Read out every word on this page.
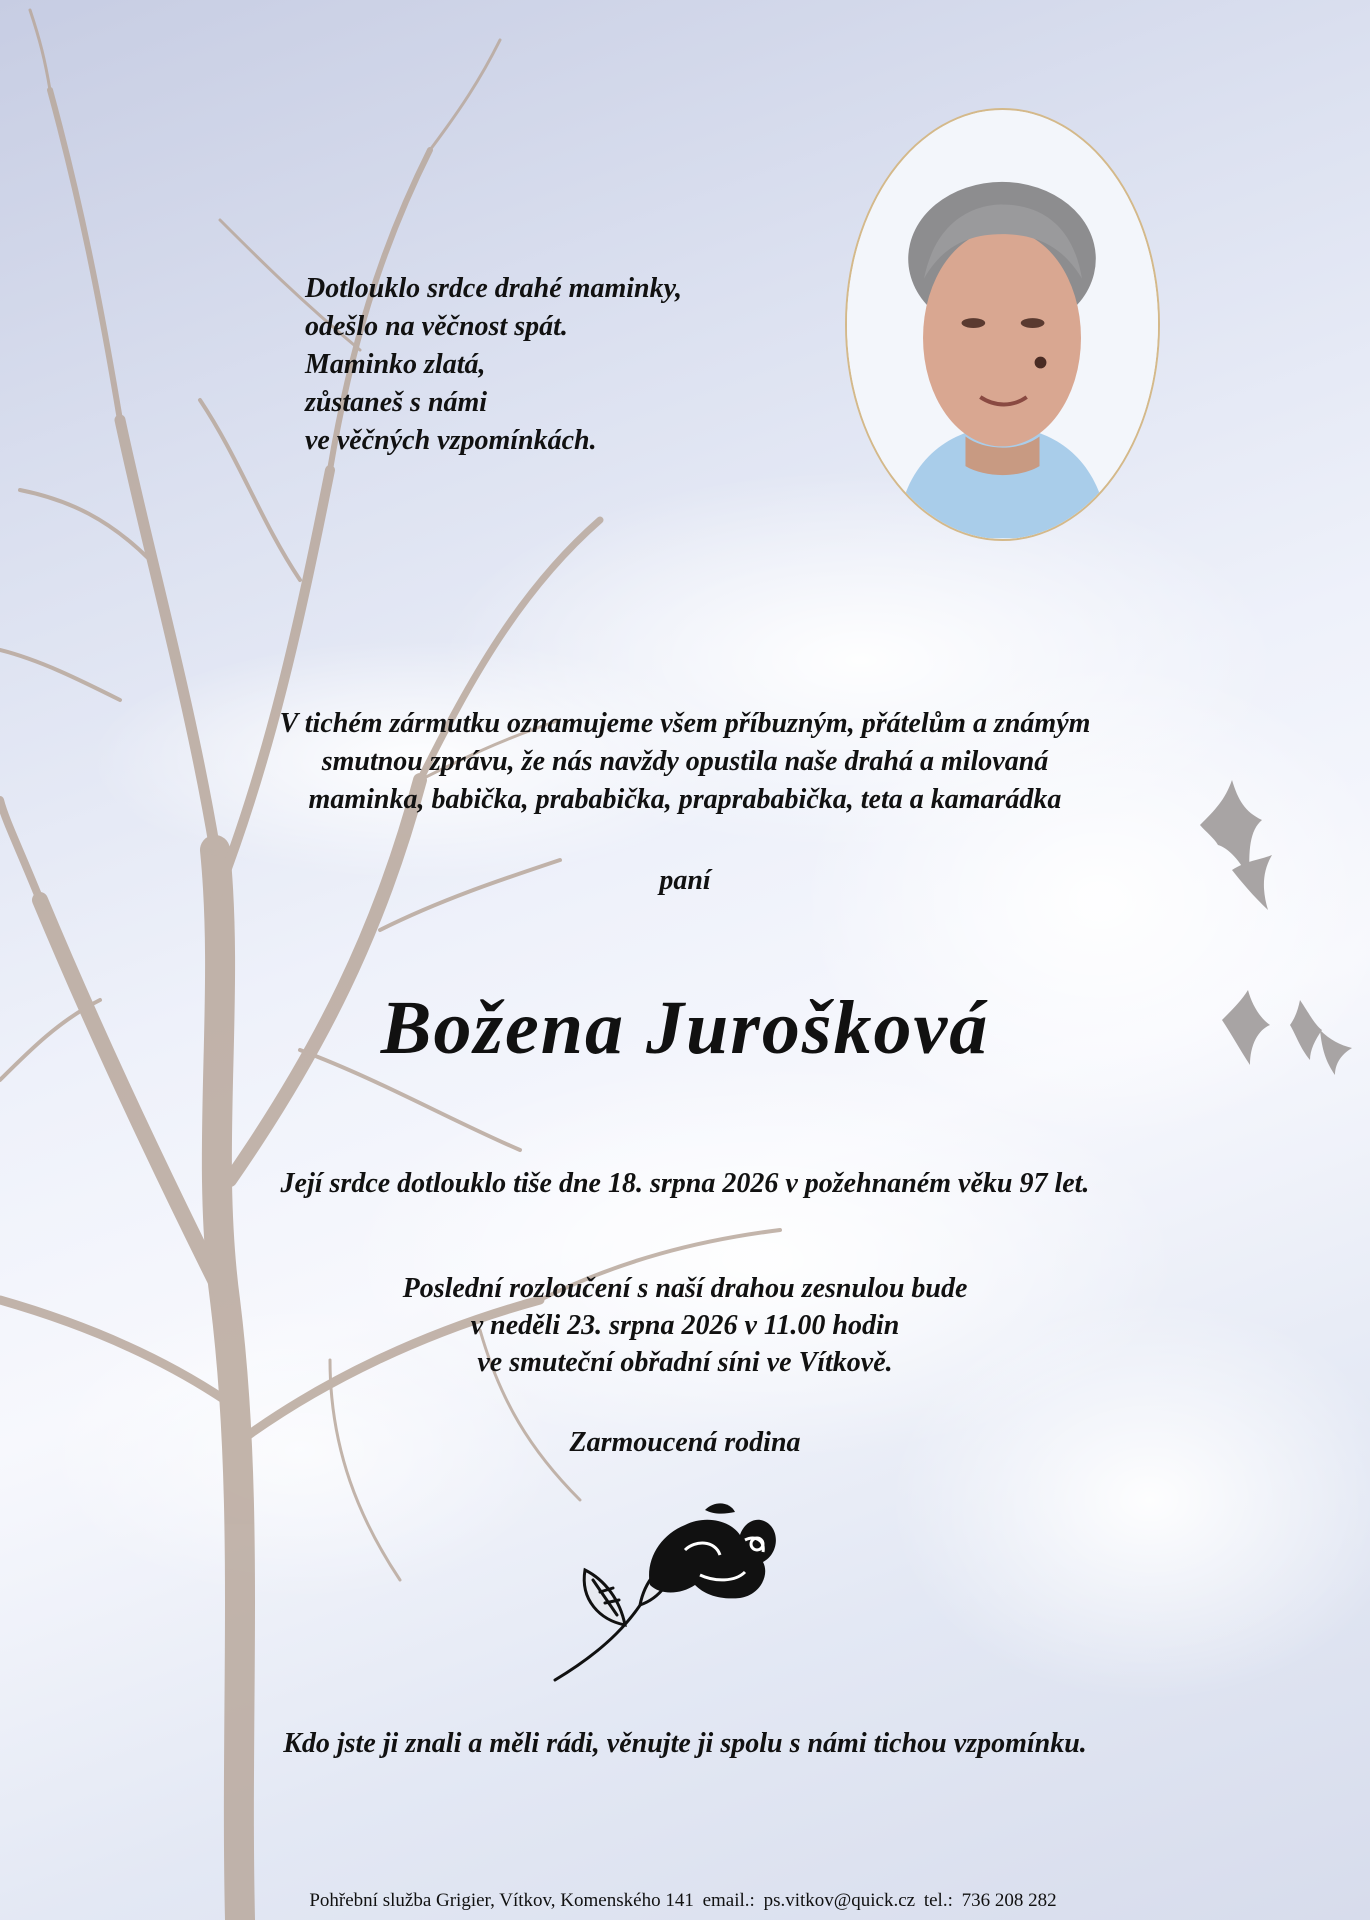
Dotlouklo srdce drahé maminky,
odešlo na věčnost spát.
Maminko zlatá,
zůstaneš s námi
ve věčných vzpomínkách.
V tichém zármutku oznamujeme všem příbuzným, přátelům a známým
smutnou zprávu, že nás navždy opustila naše drahá a milovaná
maminka, babička, prababička, praprababička, teta a kamarádka
paní
Božena Jurošková
Její srdce dotlouklo tiše dne 18. srpna 2026 v požehnaném věku 97 let.
Poslední rozloučení s naší drahou zesnulou bude
v neděli 23. srpna 2026 v 11.00 hodin
ve smuteční obřadní síni ve Vítkově.
Zarmoucená rodina
Kdo jste ji znali a měli rádi, věnujte ji spolu s námi tichou vzpomínku.
Pohřební služba Grigier, Vítkov, Komenského 141 email.: ps.vitkov@quick.cz tel.: 736 208 282
